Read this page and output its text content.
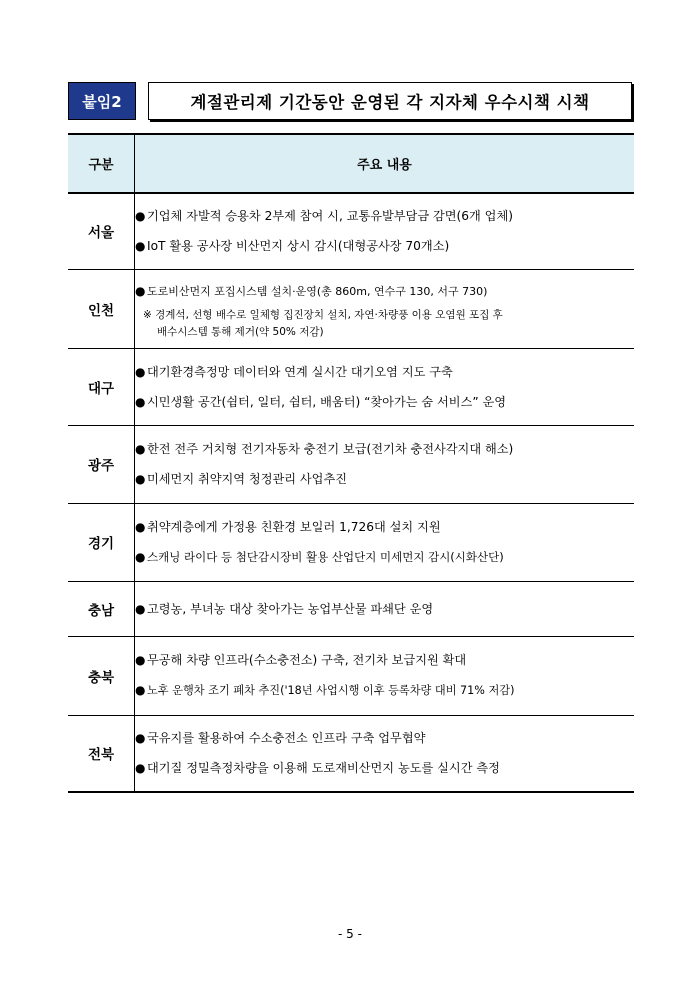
붙임2	계절관리제 기간동안 운영된 각 지자체 우수시책 시책
구분	주요 내용
서울	● 기업체 자발적 승용차 2부제 참여 시, 교통유발부담금 감면(6개 업체)
● IoT 활용 공사장 비산먼지 상시 감시(대형공사장 70개소)

인천	● 도로비산먼지 포집시스템 설치·운영(총 860m, 연수구 130, 서구 730)
※ 경계석, 선형 배수로 일체형 집진장치 설치, 자연·차량풍 이용 오염원 포집 후
배수시스템 통해 제거(약 50% 저감)

대구	● 대기환경측정망 데이터와 연계 실시간 대기오염 지도 구축
● 시민생활 공간(쉼터, 일터, 쉼터, 배움터) “찾아가는 숨 서비스” 운영

광주	● 한전 전주 거치형 전기자동차 충전기 보급(전기차 충전사각지대 해소)
● 미세먼지 취약지역 청정관리 사업추진

경기	● 취약계층에게 가정용 친환경 보일러 1,726대 설치 지원
● 스캐닝 라이다 등 첨단감시장비 활용 산업단지 미세먼지 감시(시화산단)

충남	● 고령농, 부녀농 대상 찾아가는 농업부산물 파쇄단 운영

충북	● 무공해 차량 인프라(수소충전소) 구축, 전기차 보급지원 확대
● 노후 운행차 조기 폐차 추진('18년 사업시행 이후 등록차량 대비 71% 저감)

전북	● 국유지를 활용하여 수소충전소 인프라 구축 업무협약
● 대기질 정밀측정차량을 이용해 도로재비산먼지 농도를 실시간 측정
- 5 -
